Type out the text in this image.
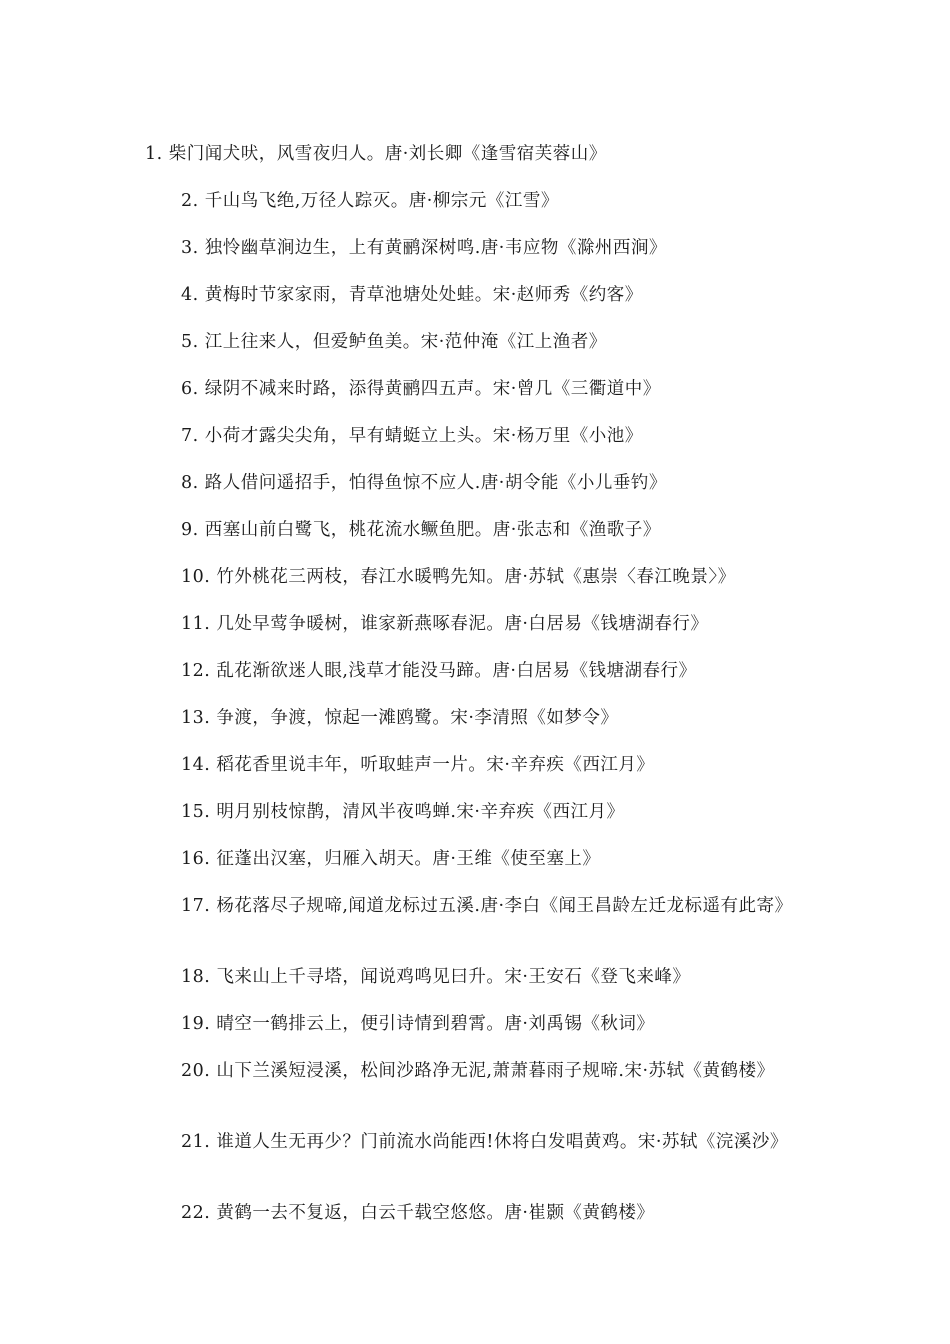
1. 柴门闻犬吠，风雪夜归人。唐·刘长卿《逢雪宿芙蓉山》

2. 千山鸟飞绝,万径人踪灭。唐·柳宗元《江雪》

3. 独怜幽草涧边生，上有黄鹂深树鸣.唐·韦应物《滁州西涧》

4. 黄梅时节家家雨，青草池塘处处蛙。宋·赵师秀《约客》

5. 江上往来人，但爱鲈鱼美。宋·范仲淹《江上渔者》

6. 绿阴不减来时路，添得黄鹂四五声。宋·曾几《三衢道中》

7. 小荷才露尖尖角，早有蜻蜓立上头。宋·杨万里《小池》

8. 路人借问遥招手，怕得鱼惊不应人.唐·胡令能《小儿垂钓》

9. 西塞山前白鹭飞，桃花流水鳜鱼肥。唐·张志和《渔歌子》

10. 竹外桃花三两枝，春江水暖鸭先知。唐·苏轼《惠崇〈春江晚景〉》

11. 几处早莺争暖树，谁家新燕啄春泥。唐·白居易《钱塘湖春行》

12. 乱花渐欲迷人眼,浅草才能没马蹄。唐·白居易《钱塘湖春行》

13. 争渡，争渡，惊起一滩鸥鹭。宋·李清照《如梦令》

14. 稻花香里说丰年，听取蛙声一片。宋·辛弃疾《西江月》

15. 明月别枝惊鹊，清风半夜鸣蝉.宋·辛弃疾《西江月》

16. 征蓬出汉塞，归雁入胡天。唐·王维《使至塞上》

17. 杨花落尽子规啼,闻道龙标过五溪.唐·李白《闻王昌龄左迁龙标遥有此寄》

18. 飞来山上千寻塔，闻说鸡鸣见曰升。宋·王安石《登飞来峰》

19. 晴空一鹤排云上，便引诗情到碧霄。唐·刘禹锡《秋词》

20. 山下兰溪短浸溪，松间沙路净无泥,萧萧暮雨子规啼.宋·苏轼《黄鹤楼》

21. 谁道人生无再少？门前流水尚能西!休将白发唱黄鸡。宋·苏轼《浣溪沙》

22. 黄鹤一去不复返，白云千载空悠悠。唐·崔颢《黄鹤楼》
